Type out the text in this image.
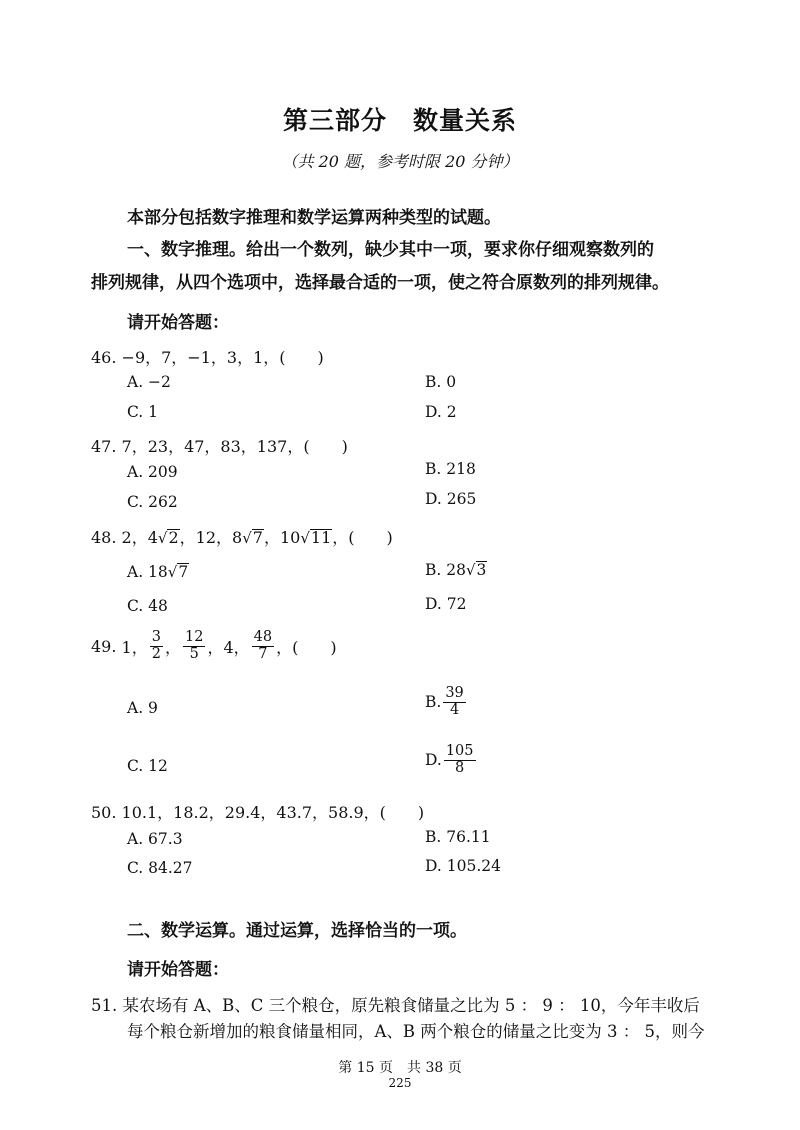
第三部分　数量关系
（共 20 题，参考时限 20 分钟）
本部分包括数字推理和数学运算两种类型的试题。
一、数字推理。给出一个数列，缺少其中一项，要求你仔细观察数列的
排列规律，从四个选项中，选择最合适的一项，使之符合原数列的排列规律。
请开始答题：
46. −9，7，−1，3，1，(　　)
A. −2	B. 0
C. 1	D. 2
47. 7，23，47，83，137，(　　)
A. 209	B. 218
C. 262	D. 265
48. 2，4√2，12，8√7，10√11，(　　)
A. 18√7	B. 28√3
C. 48	D. 72
49.
1， $\frac{3}{2}$ ， $\frac{12}{5}$ ，4， $\frac{48}{7}$ ，(　　)
A. 9	B. $\frac{39}{4}$
C. 12	D. $\frac{105}{8}$
50. 10.1，18.2，29.4，43.7，58.9，(　　)
A. 67.3	B. 76.11
C. 84.27	D. 105.24
二、数学运算。通过运算，选择恰当的一项。
请开始答题：
51. 某农场有 A、B、C 三个粮仓，原先粮食储量之比为 5 ： 9 ： 10，今年丰收后
每个粮仓新增加的粮食储量相同，A、B 两个粮仓的储量之比变为 3 ： 5，则今
第 15 页　共 38 页
225
